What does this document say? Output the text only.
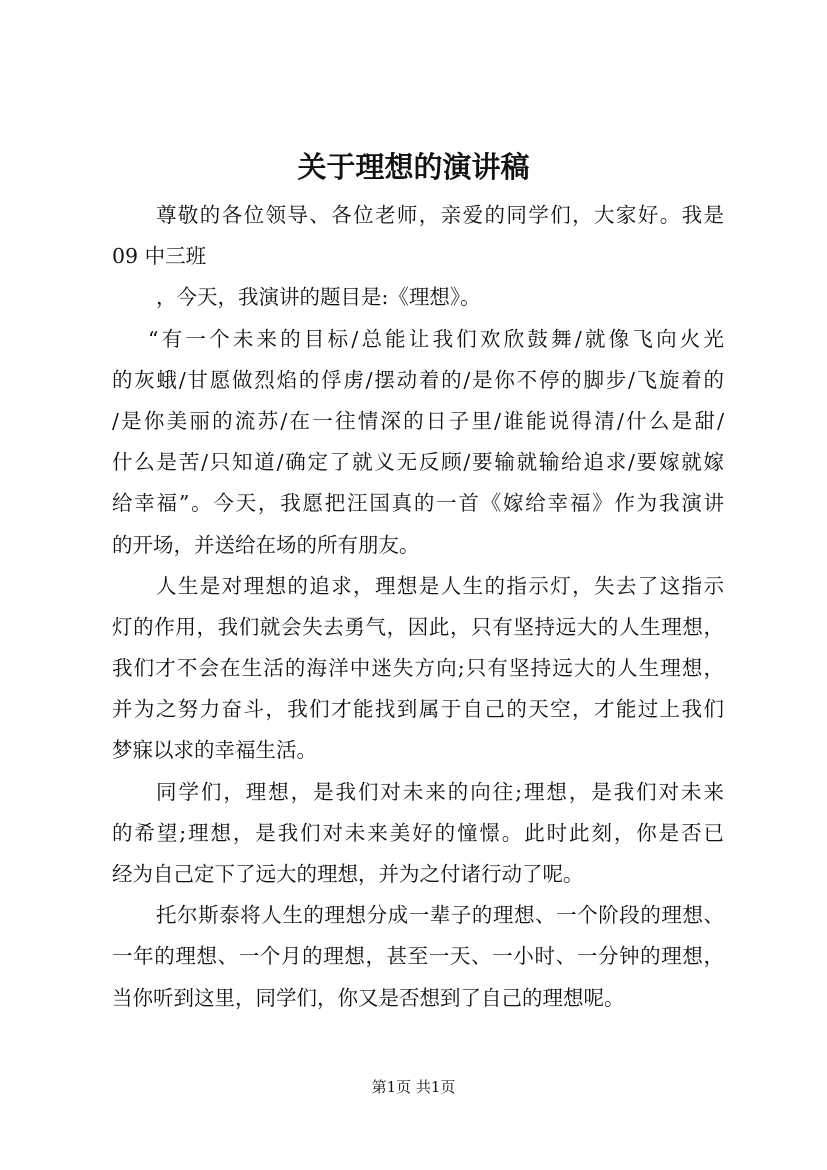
关于理想的演讲稿
尊敬的各位领导、各位老师，亲爱的同学们，大家好。我是
09 中三班
，今天，我演讲的题目是:《理想》。
“有一个未来的目标/总能让我们欢欣鼓舞/就像飞向火光
的灰蛾/甘愿做烈焰的俘虏/摆动着的/是你不停的脚步/飞旋着的
/是你美丽的流苏/在一往情深的日子里/谁能说得清/什么是甜/
什么是苦/只知道/确定了就义无反顾/要输就输给追求/要嫁就嫁
给幸福”。今天，我愿把汪国真的一首《嫁给幸福》作为我演讲
的开场，并送给在场的所有朋友。
人生是对理想的追求，理想是人生的指示灯，失去了这指示
灯的作用，我们就会失去勇气，因此，只有坚持远大的人生理想，
我们才不会在生活的海洋中迷失方向;只有坚持远大的人生理想，
并为之努力奋斗，我们才能找到属于自己的天空，才能过上我们
梦寐以求的幸福生活。
同学们，理想，是我们对未来的向往;理想，是我们对未来
的希望;理想，是我们对未来美好的憧憬。此时此刻，你是否已
经为自己定下了远大的理想，并为之付诸行动了呢。
托尔斯泰将人生的理想分成一辈子的理想、一个阶段的理想、
一年的理想、一个月的理想，甚至一天、一小时、一分钟的理想，
当你听到这里，同学们，你又是否想到了自己的理想呢。
第1页 共1页
